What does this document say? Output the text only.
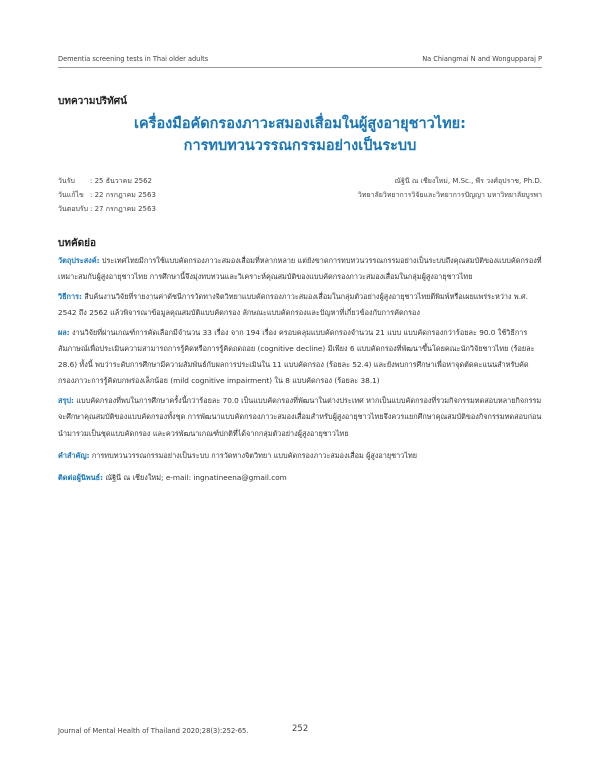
Dementia screening tests in Thai older adults	Na Chiangmai N and Wongupparaj P
บทความปริทัศน์
เครื่องมือคัดกรองภาวะสมองเสื่อมในผู้สูงอายุชาวไทย:
การทบทวนวรรณกรรมอย่างเป็นระบบ
วันรับ	: 25 ธันวาคม 2562
วันแก้ไข : 22 กรกฎาคม 2563
วันตอบรับ : 27 กรกฎาคม 2563
ณัฐินี ณ เชียงใหม่, M.Sc., พีร วงศ์อุปราช, Ph.D.
วิทยาลัยวิทยาการวิจัยและวิทยาการปัญญา มหาวิทยาลัยบูรพา
บทคัดย่อ

วัตถุประสงค์: ประเทศไทยมีการใช้แบบคัดกรองภาวะสมองเสื่อมที่หลากหลาย แต่ยังขาดการทบทวนวรรณกรรมอย่างเป็นระบบถึงคุณสมบัติของแบบคัดกรองที่เหมาะสมกับผู้สูงอายุชาวไทย การศึกษานี้จึงมุ่งทบทวนและวิเคราะห์คุณสมบัติของแบบคัดกรองภาวะสมองเสื่อมในกลุ่มผู้สูงอายุชาวไทย

วิธีการ: สืบค้นงานวิจัยที่รายงานค่าดัชนีการวัดทางจิตวิทยาแบบคัดกรองภาวะสมองเสื่อมในกลุ่มตัวอย่างผู้สูงอายุชาวไทยตีพิมพ์หรือเผยแพร่ระหว่าง พ.ศ. 2542 ถึง 2562 แล้วพิจารณาข้อมูลคุณสมบัติแบบคัดกรอง ลักษณะแบบคัดกรองและปัญหาที่เกี่ยวข้องกับการคัดกรอง

ผล: งานวิจัยที่ผ่านเกณฑ์การคัดเลือกมีจำนวน 33 เรื่อง จาก 194 เรื่อง ครอบคลุมแบบคัดกรองจำนวน 21 แบบ แบบคัดกรองกว่าร้อยละ 90.0 ใช้วิธีการสัมภาษณ์เพื่อประเมินความสามารถการรู้คิดหรือการรู้คิดถดถอย (cognitive decline) มีเพียง 6 แบบคัดกรองที่พัฒนาขึ้นโดยคณะนักวิจัยชาวไทย (ร้อยละ 28.6) ทั้งนี้ พบว่าระดับการศึกษามีความสัมพันธ์กับผลการประเมินใน 11 แบบคัดกรอง (ร้อยละ 52.4) และยังพบการศึกษาเพื่อหาจุดตัดคะแนนสำหรับคัดกรองภาวะการรู้คิดบกพร่องเล็กน้อย (mild cognitive impairment) ใน 8 แบบคัดกรอง (ร้อยละ 38.1)

สรุป: แบบคัดกรองที่พบในการศึกษาครั้งนี้กว่าร้อยละ 70.0 เป็นแบบคัดกรองที่พัฒนาในต่างประเทศ หากเป็นแบบคัดกรองที่รวมกิจกรรมทดสอบหลายกิจกรรมจะศึกษาคุณสมบัติของแบบคัดกรองทั้งชุด การพัฒนาแบบคัดกรองภาวะสมองเสื่อมสำหรับผู้สูงอายุชาวไทยจึงควรแยกศึกษาคุณสมบัติของกิจกรรมทดสอบก่อนนำมารวมเป็นชุดแบบคัดกรอง และควรพัฒนาเกณฑ์ปกติที่ได้จากกลุ่มตัวอย่างผู้สูงอายุชาวไทย

คำสำคัญ: การทบทวนวรรณกรรมอย่างเป็นระบบ การวัดทางจิตวิทยา แบบคัดกรองภาวะสมองเสื่อม ผู้สูงอายุชาวไทย

ติดต่อผู้นิพนธ์: ณัฐินี ณ เชียงใหม่; e-mail: ingnatineena@gmail.com

Journal of Mental Health of Thailand 2020;28(3):252-65.	252
